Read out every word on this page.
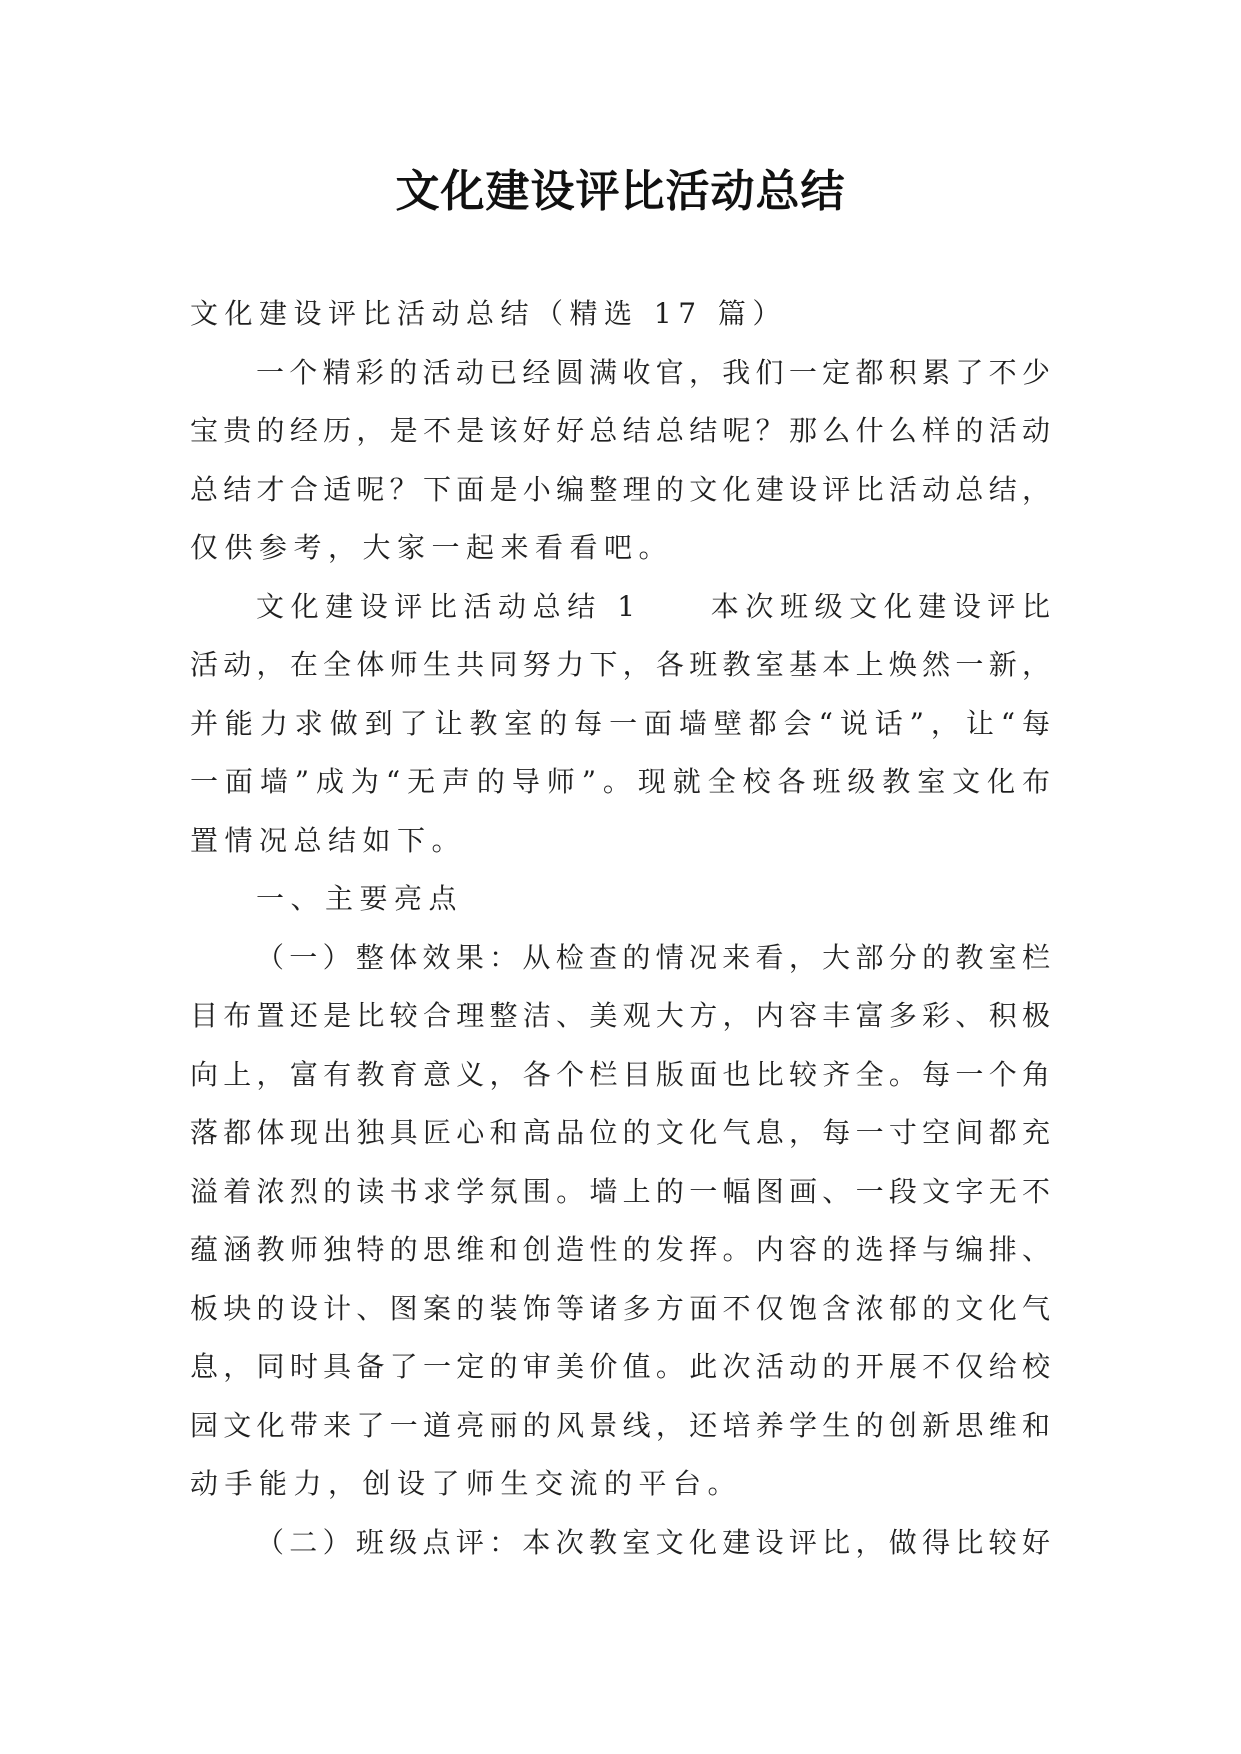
文化建设评比活动总结
文化建设评比活动总结（精选 17 篇）
一个精彩的活动已经圆满收官，我们一定都积累了不少
宝贵的经历，是不是该好好总结总结呢？那么什么样的活动
总结才合适呢？下面是小编整理的文化建设评比活动总结，
仅供参考，大家一起来看看吧。
文化建设评比活动总结 1　　本次班级文化建设评比
活动，在全体师生共同努力下，各班教室基本上焕然一新，
并能力求做到了让教室的每一面墙壁都会“说话”，让“每
一面墙”成为“无声的导师”。现就全校各班级教室文化布
置情况总结如下。
一、主要亮点
（一）整体效果：从检查的情况来看，大部分的教室栏
目布置还是比较合理整洁、美观大方，内容丰富多彩、积极
向上，富有教育意义，各个栏目版面也比较齐全。每一个角
落都体现出独具匠心和高品位的文化气息，每一寸空间都充
溢着浓烈的读书求学氛围。墙上的一幅图画、一段文字无不
蕴涵教师独特的思维和创造性的发挥。内容的选择与编排、
板块的设计、图案的装饰等诸多方面不仅饱含浓郁的文化气
息，同时具备了一定的审美价值。此次活动的开展不仅给校
园文化带来了一道亮丽的风景线，还培养学生的创新思维和
动手能力，创设了师生交流的平台。
（二）班级点评：本次教室文化建设评比，做得比较好
